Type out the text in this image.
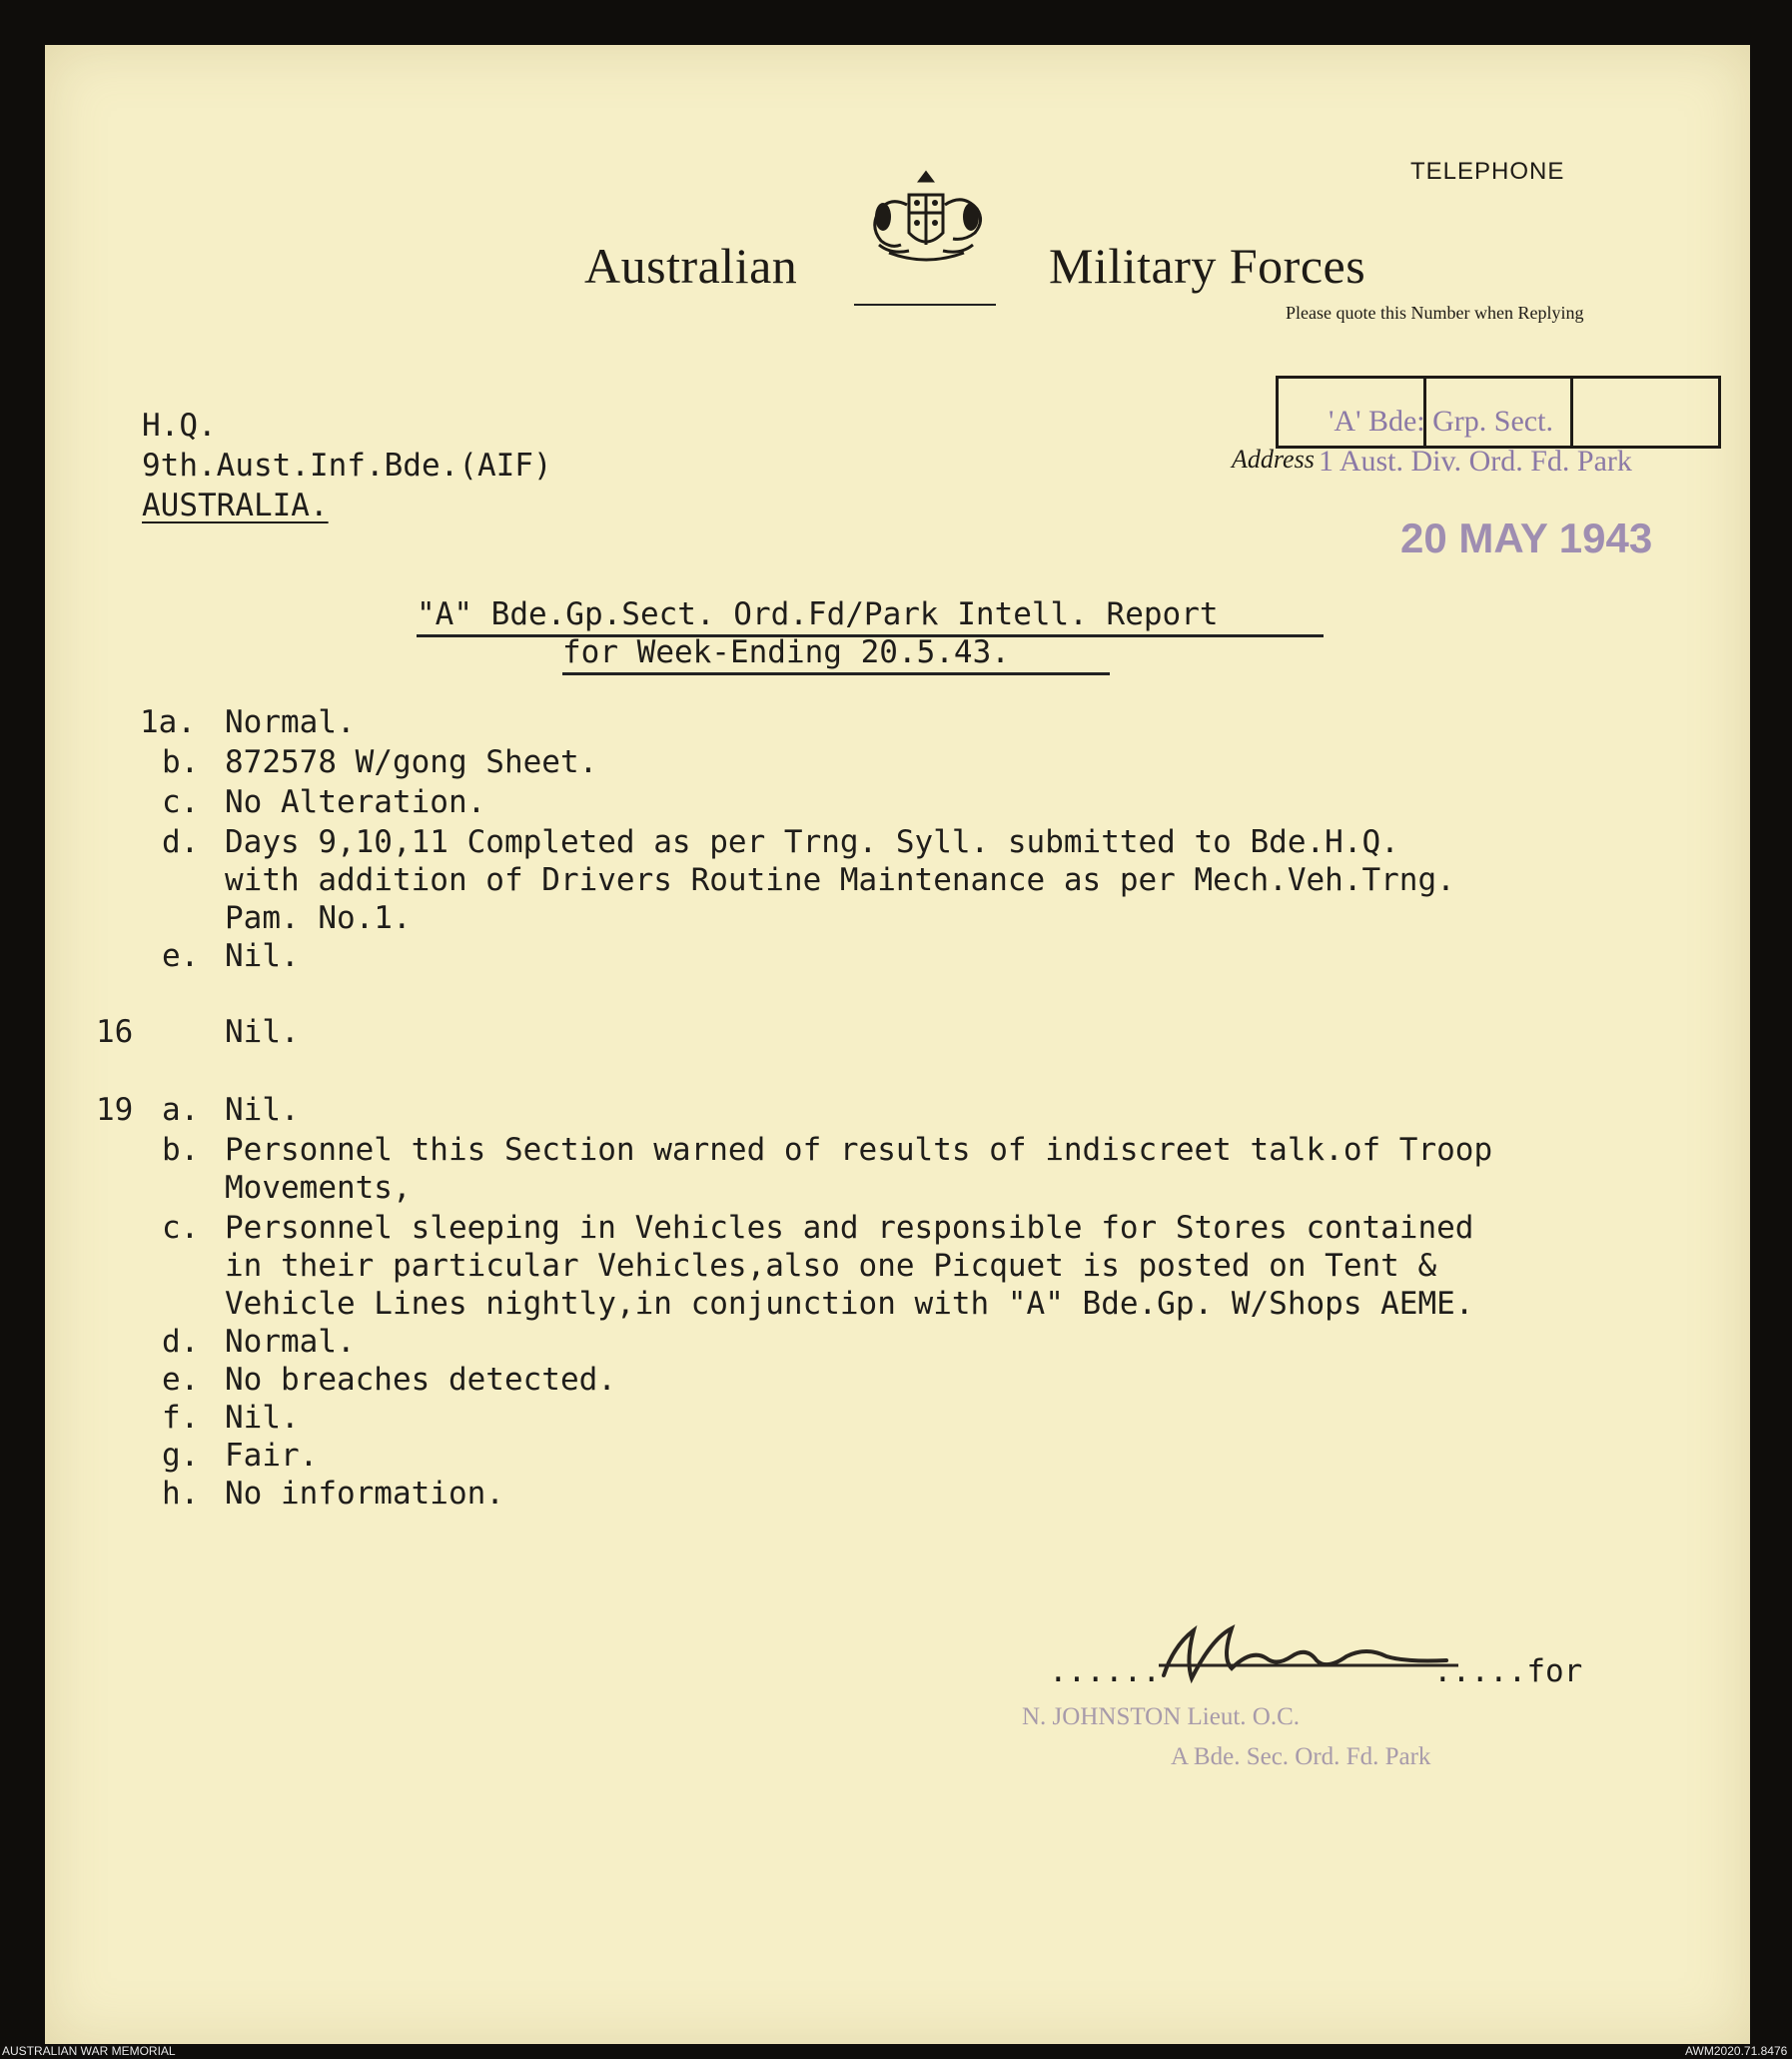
Australian	Military Forces
TELEPHONE
Please quote this Number when Replying
Address
'A' Bde: Grp. Sect.
1 Aust. Div. Ord. Fd. Park
20 MAY 1943
H.Q.
9th.Aust.Inf.Bde.(AIF)
AUSTRALIA.
"A" Bde.Gp.Sect. Ord.Fd/Park Intell. Report
for Week-Ending 20.5.43.
1a. Normal.
b. 872578 W/gong Sheet.
c. No Alteration.
d. Days 9,10,11 Completed as per Trng. Syll. submitted to Bde.H.Q.
with addition of Drivers Routine Maintenance as per Mech.Veh.Trng.
Pam. No.1.
e. Nil.
16	Nil.
19 a. Nil.
b. Personnel this Section warned of results of indiscreet talk.of Troop
Movements,
c. Personnel sleeping in Vehicles and responsible for Stores contained
in their particular Vehicles,also one Picquet is posted on Tent &
Vehicle Lines nightly,in conjunction with "A" Bde.Gp. W/Shops AEME.
d. Normal.
e. No breaches detected.
f. Nil.
g. Fair.
h. No information.
......	.....for
N. JOHNSTON Lieut. O.C.
A Bde. Sec. Ord. Fd. Park
AUSTRALIAN WAR MEMORIAL	AWM2020.71.8476
